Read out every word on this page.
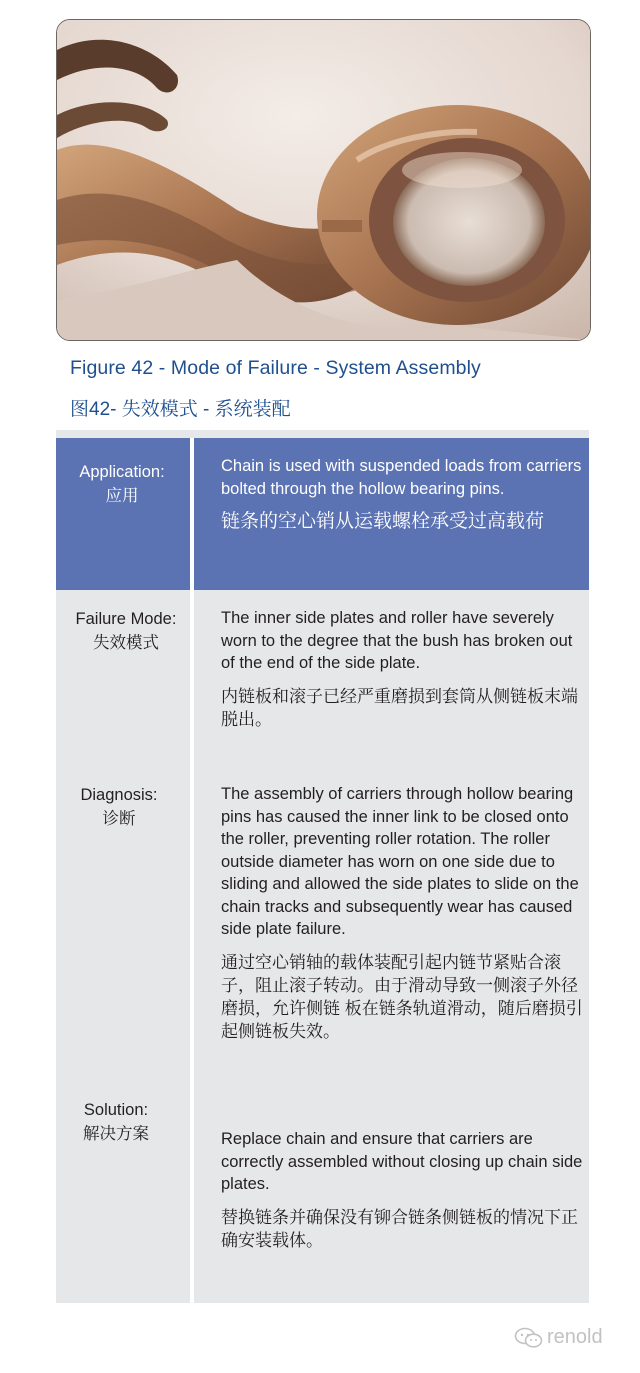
Figure 42 - Mode of Failure - System Assembly
图42- 失效模式 - 系统装配
Application:
应用

Chain is used with suspended loads from carriers bolted through the hollow bearing pins.

链条的空心销从运载螺栓承受过高载荷

Failure Mode:
失效模式

The inner side plates and roller have severely worn to the degree that the bush has broken out of the end of the side plate.

内链板和滚子已经严重磨损到套筒从侧链板末端脱出。

Diagnosis:
诊断

The assembly of carriers through hollow bearing pins has caused the inner link to be closed onto the roller, preventing roller rotation. The roller outside diameter has worn on one side due to sliding and allowed the side plates to slide on the chain tracks and subsequently wear has caused side plate failure.

通过空心销轴的载体装配引起内链节紧贴合滚子，阻止滚子转动。由于滑动导致一侧滚子外径磨损，允许侧链 板在链条轨道滑动，随后磨损引起侧链板失效。

Solution:
解决方案	Replace chain and ensure that carriers are correctly assembled without closing up chain side plates.

替换链条并确保没有铆合链条侧链板的情况下正确安装载体。

renold
